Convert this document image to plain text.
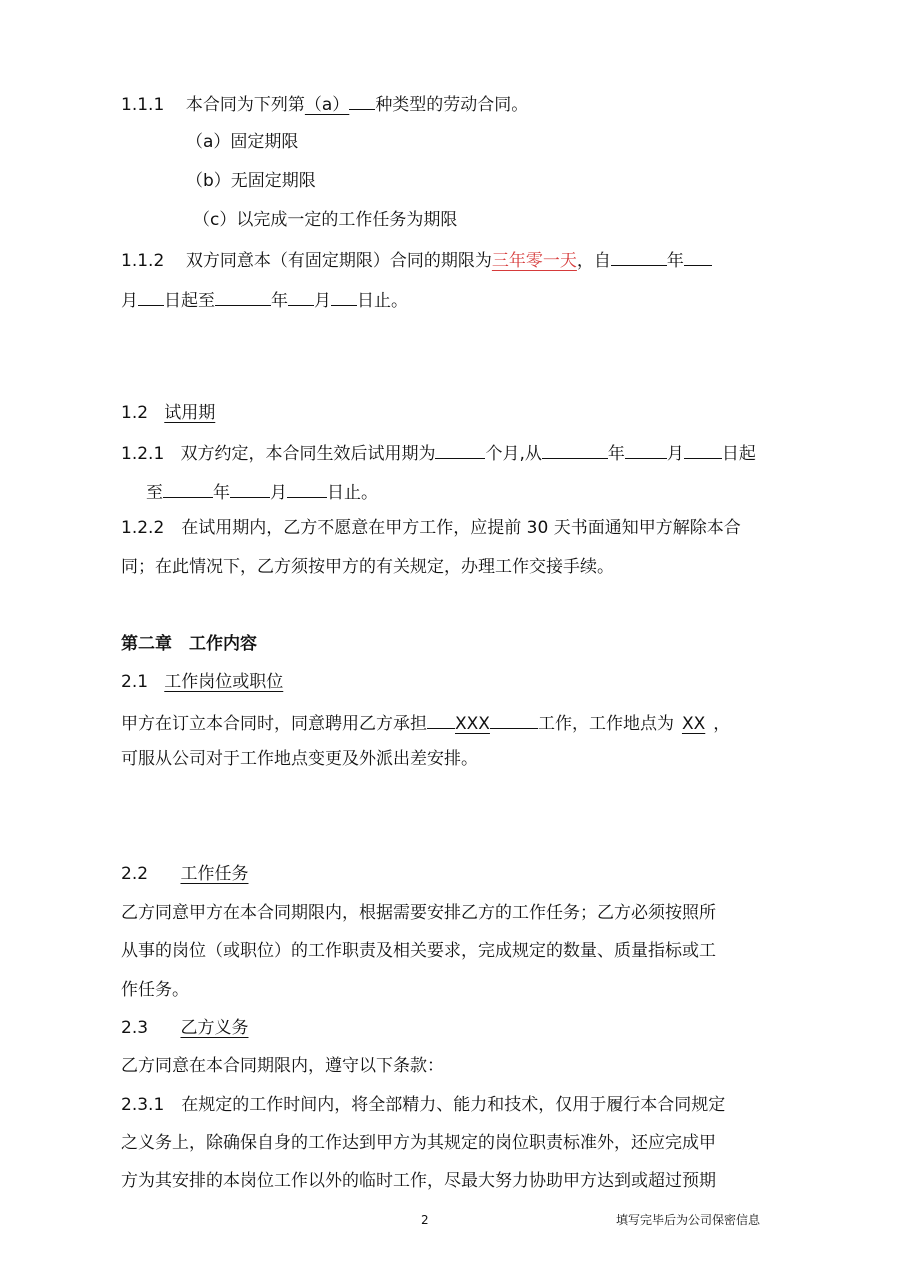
1.1.1 本合同为下列第（a） 种类型的劳动合同。
（a）固定期限
（b）无固定期限
（c）以完成一定的工作任务为期限
1.1.2 双方同意本（有固定期限）合同的期限为三年零一天，自	年
月 日起至	年 月 日止。
1.2 试用期
1.2.1 双方约定，本合同生效后试用期为	个月,从	年 月 日起
至	年 月 日止。
1.2.2　在试用期内，乙方不愿意在甲方工作，应提前 30 天书面通知甲方解除本合
同；在此情况下，乙方须按甲方的有关规定，办理工作交接手续。
第二章　工作内容
2.1 工作岗位或职位
甲方在订立本合同时，同意聘用乙方承担 XXX	工作，工作地点为 XX ，
可服从公司对于工作地点变更及外派出差安排。
2.2 工作任务
乙方同意甲方在本合同期限内，根据需要安排乙方的工作任务；乙方必须按照所
从事的岗位（或职位）的工作职责及相关要求，完成规定的数量、质量指标或工
作任务。
2.3 乙方义务
乙方同意在本合同期限内，遵守以下条款：
2.3.1　在规定的工作时间内，将全部精力、能力和技术，仅用于履行本合同规定
之义务上，除确保自身的工作达到甲方为其规定的岗位职责标准外，还应完成甲
方为其安排的本岗位工作以外的临时工作，尽最大努力协助甲方达到或超过预期
2	填写完毕后为公司保密信息
